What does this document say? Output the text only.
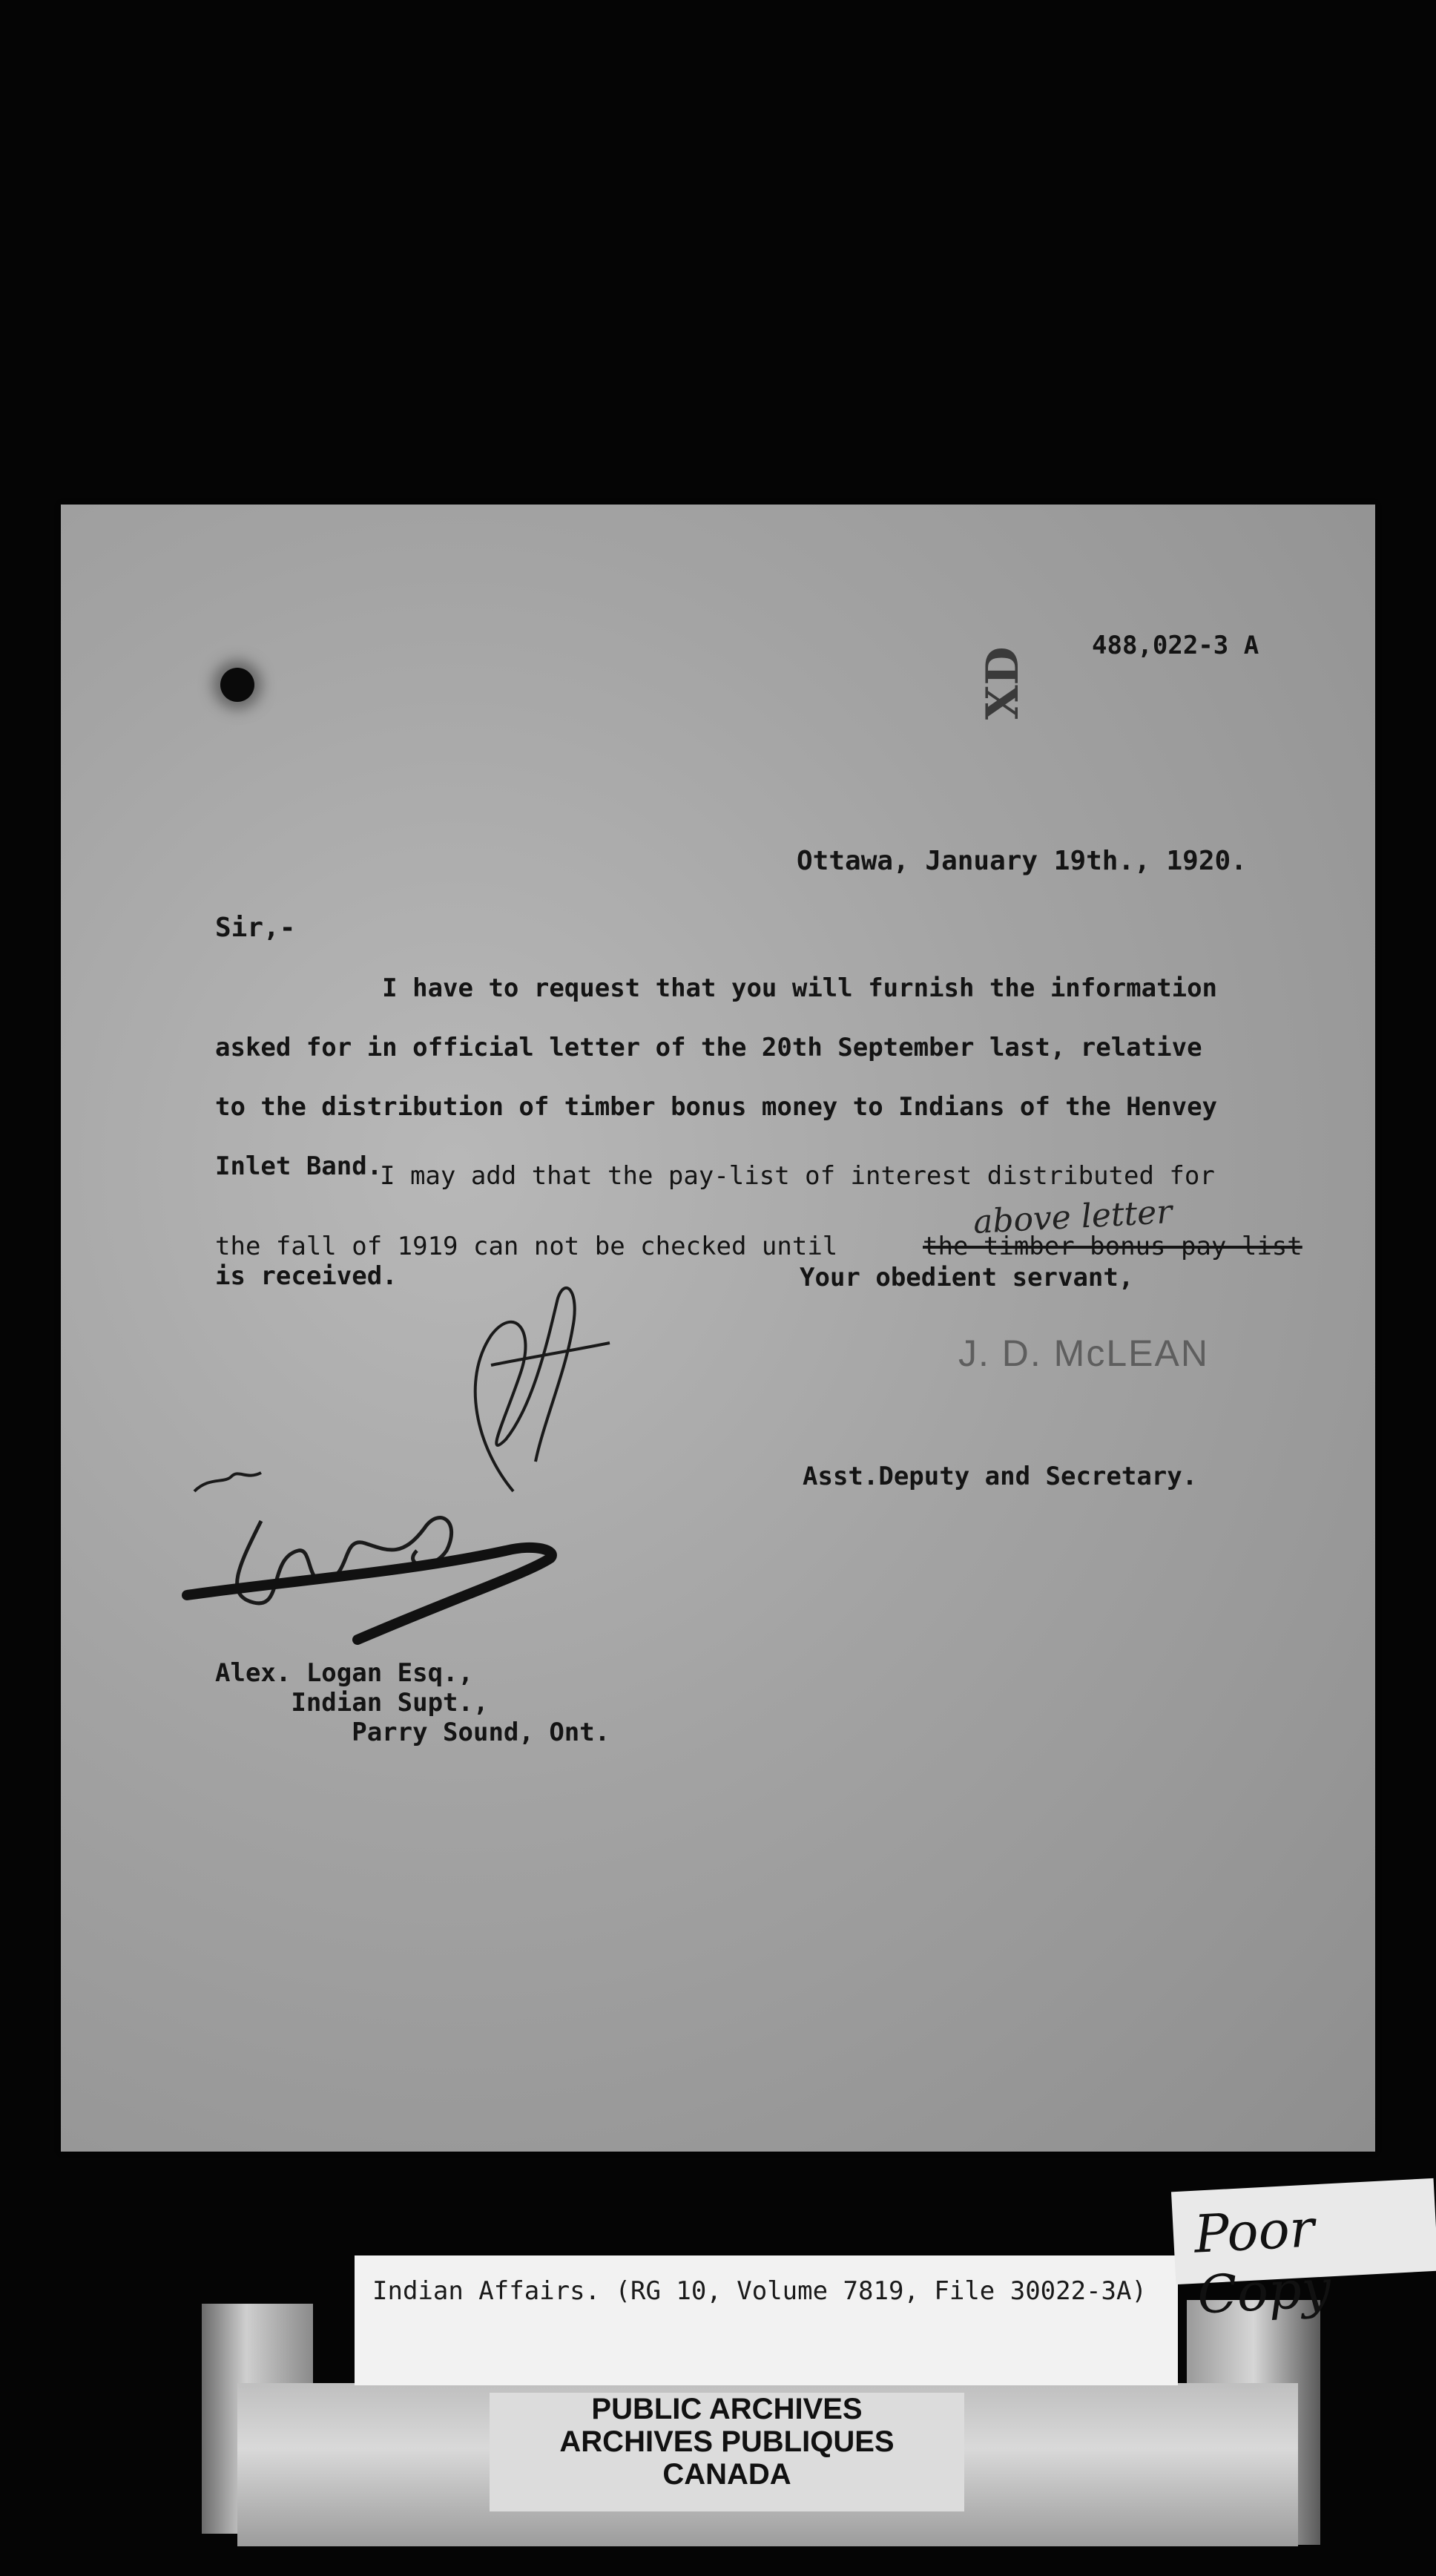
XD
488,022-3 A
Ottawa, January 19th., 1920.
Sir,-
I have to request that you will furnish the information
asked for in official letter of the 20th September last, relative
to the distribution of timber bonus money to Indians of the Henvey
Inlet Band.
I may add that the pay-list of interest distributed for
above letter
the fall of 1919 can not be checked until	the timber bonus pay-list
is received.	Your obedient servant,
J. D. McLEAN
Asst.Deputy and Secretary.
Alex. Logan Esq.,
Indian Supt.,
Parry Sound, Ont.
Indian Affairs. (RG 10, Volume 7819, File 30022-3A)
PUBLIC ARCHIVES
ARCHIVES PUBLIQUES
CANADA
Poor Copy
